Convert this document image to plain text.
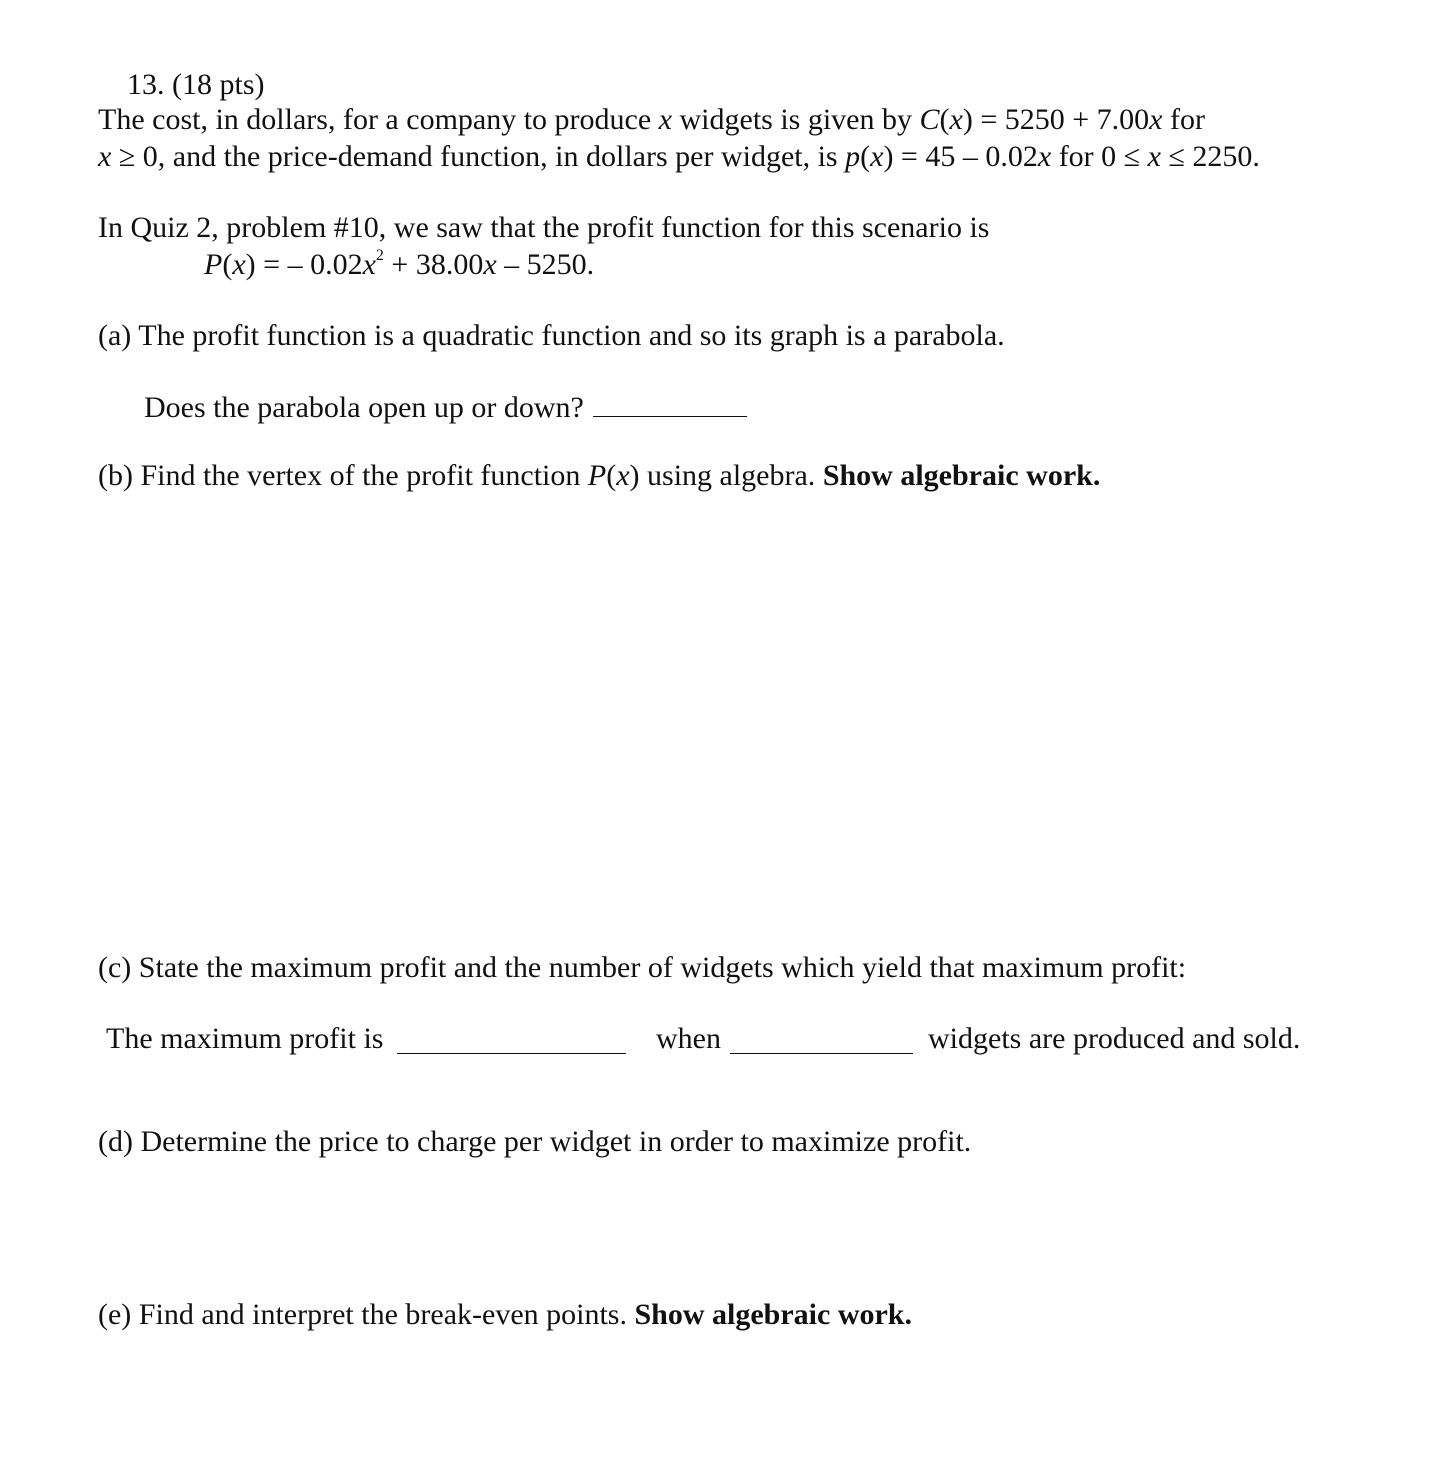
13. (18 pts)
The cost, in dollars, for a company to produce x widgets is given by C(x) = 5250 + 7.00x for
x ≥ 0, and the price-demand function, in dollars per widget, is p(x) = 45 – 0.02x for 0 ≤ x ≤ 2250.
In Quiz 2, problem #10, we saw that the profit function for this scenario is
P(x) = – $0.02x^2 + 38.00x - 5250$.
(a) The profit function is a quadratic function and so its graph is a parabola.
Does the parabola open up or down?
(b) Find the vertex of the profit function P(x) using algebra. Show algebraic work.
(c) State the maximum profit and the number of widgets which yield that maximum profit:
The maximum profit is	when	widgets are produced and sold.
(d) Determine the price to charge per widget in order to maximize profit.
(e) Find and interpret the break-even points. Show algebraic work.
